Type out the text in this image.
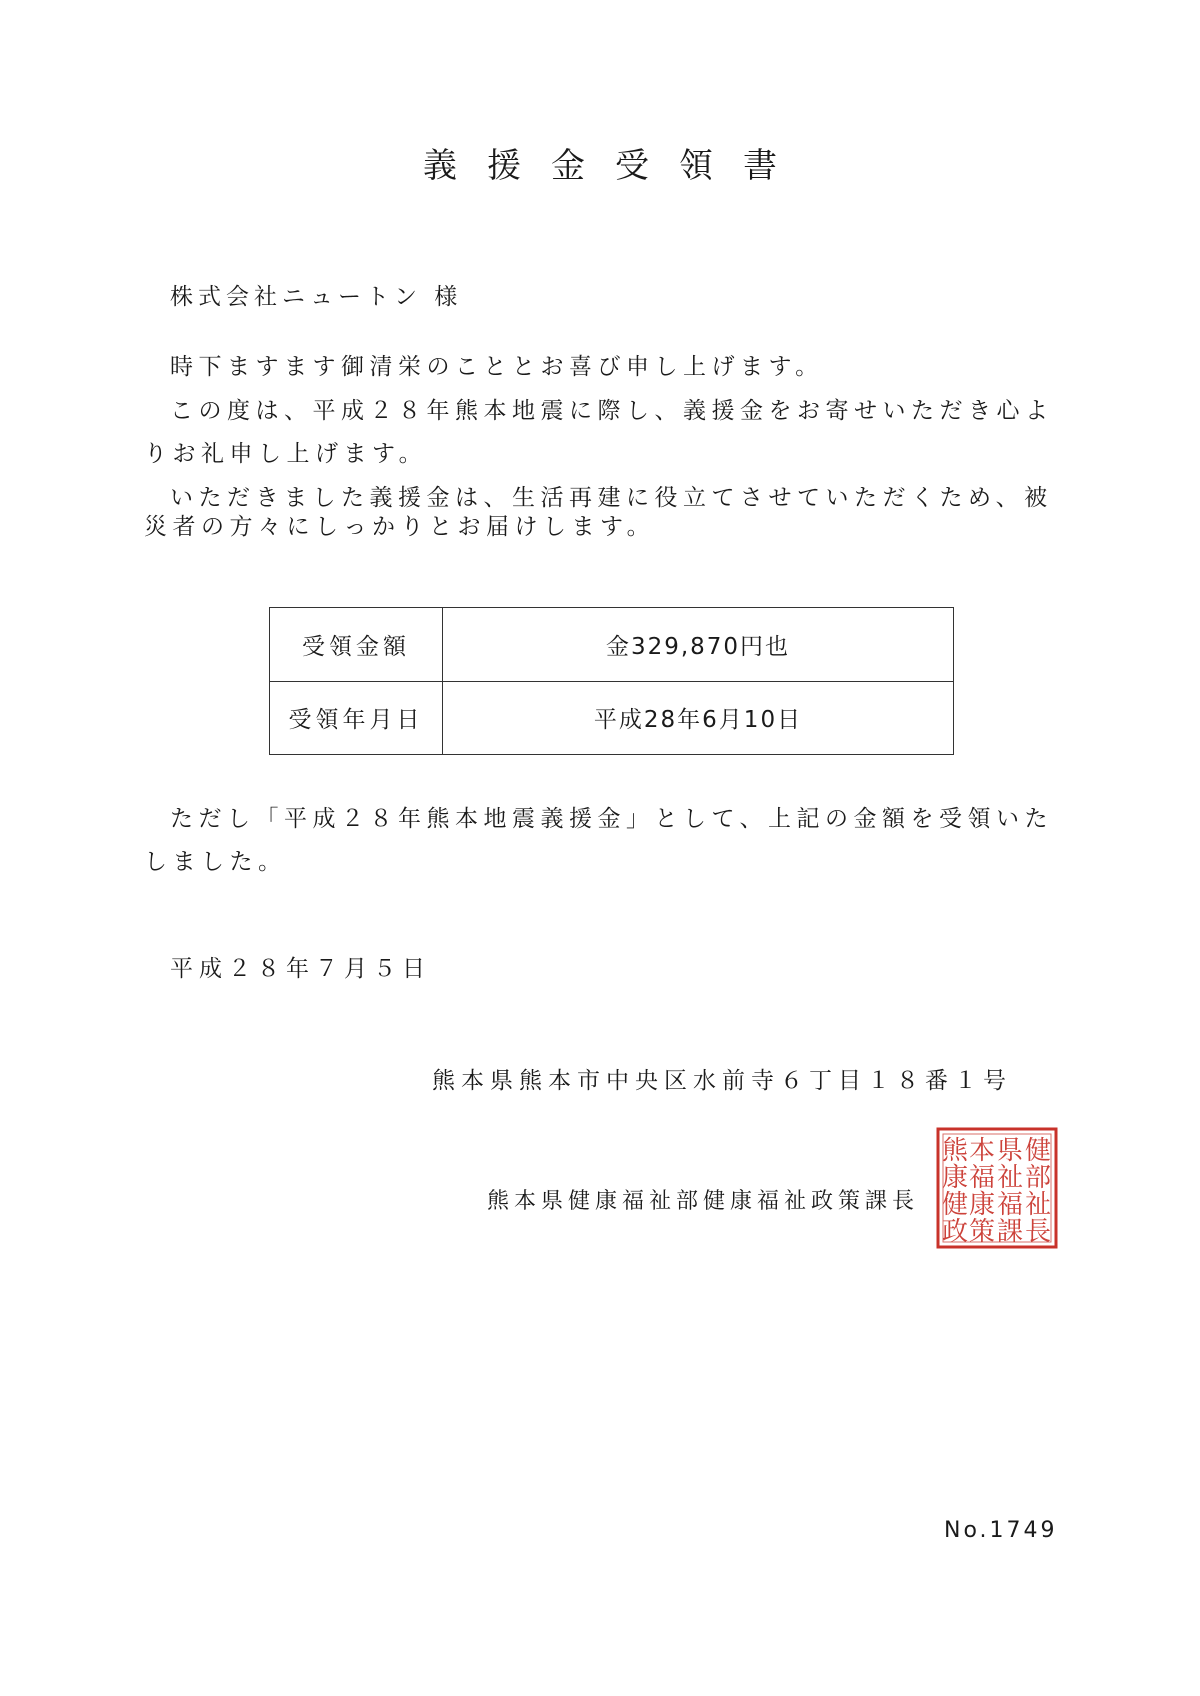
義援金受領書
株式会社ニュートン 様
時下ますます御清栄のこととお喜び申し上げます。
この度は、平成２８年熊本地震に際し、義援金をお寄せいただき心よ
りお礼申し上げます。
いただきました義援金は、生活再建に役立てさせていただくため、被
災者の方々にしっかりとお届けします。
受領金額	金329,870円也
受領年月日	平成28年6月10日
ただし「平成２８年熊本地震義援金」として、上記の金額を受領いた
しました。
平成２８年７月５日
熊本県熊本市中央区水前寺６丁目１８番１号
熊本県健康福祉部健康福祉政策課長
健
部
祉
長
県
祉
福
課
本
福
康
策
熊
康
健
政
No.1749
